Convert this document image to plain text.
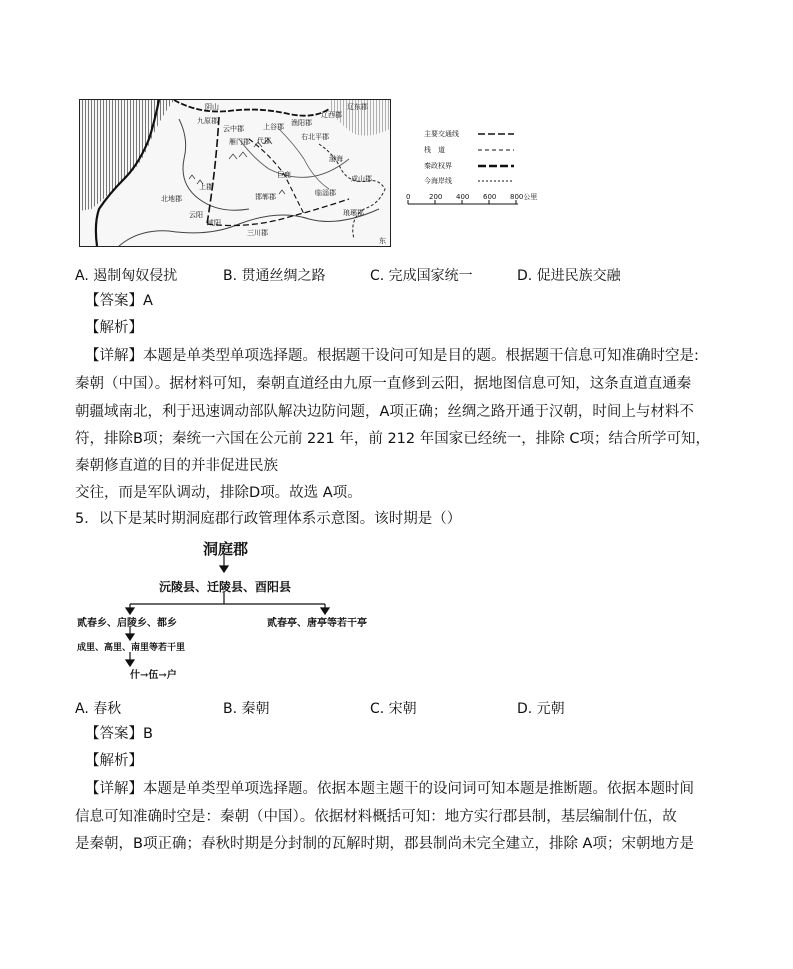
阴山
九原郡
云中郡
雁门郡 代郡
上谷郡 渔阳郡
右北平郡
辽西郡
辽东郡
渤海
成山郡
北地郡
上郡
云阳
咸阳
三川郡
邯郸郡
巨鹿
临淄郡
琅琊郡
东
主要交通线
栈　道
秦政权界
今海岸线
0	200 400 600 800公里
A. 遏制匈奴侵扰	B. 贯通丝绸之路	C. 完成国家统一	D. 促进民族交融
【答案】A
【解析】
【详解】本题是单类型单项选择题。根据题干设问可知是目的题。根据题干信息可知准确时空是:
秦朝（中国）。据材料可知，秦朝直道经由九原一直修到云阳，据地图信息可知，这条直道直通秦
朝疆域南北，利于迅速调动部队解决边防问题，A项正确；丝绸之路开通于汉朝，时间上与材料不
符，排除B项；秦统一六国在公元前 221 年，前 212 年国家已经统一，排除 C项；结合所学可知，
秦朝修直道的目的并非促进民族
交往，而是军队调动，排除D项。故选 A项。
5．以下是某时期洞庭郡行政管理体系示意图。该时期是（）
洞庭郡
沅陵县、迁陵县、酉阳县
贰春乡、启陵乡、都乡	贰春亭、唐亭等若干亭
成里、高里、南里等若干里
什→伍→户
A. 春秋	B. 秦朝	C. 宋朝	D. 元朝
【答案】B
【解析】
【详解】本题是单类型单项选择题。依据本题主题干的设问词可知本题是推断题。依据本题时间
信息可知准确时空是：秦朝（中国）。依据材料概括可知：地方实行郡县制，基层编制什伍，故
是秦朝，B项正确；春秋时期是分封制的瓦解时期，郡县制尚未完全建立，排除 A项；宋朝地方是
